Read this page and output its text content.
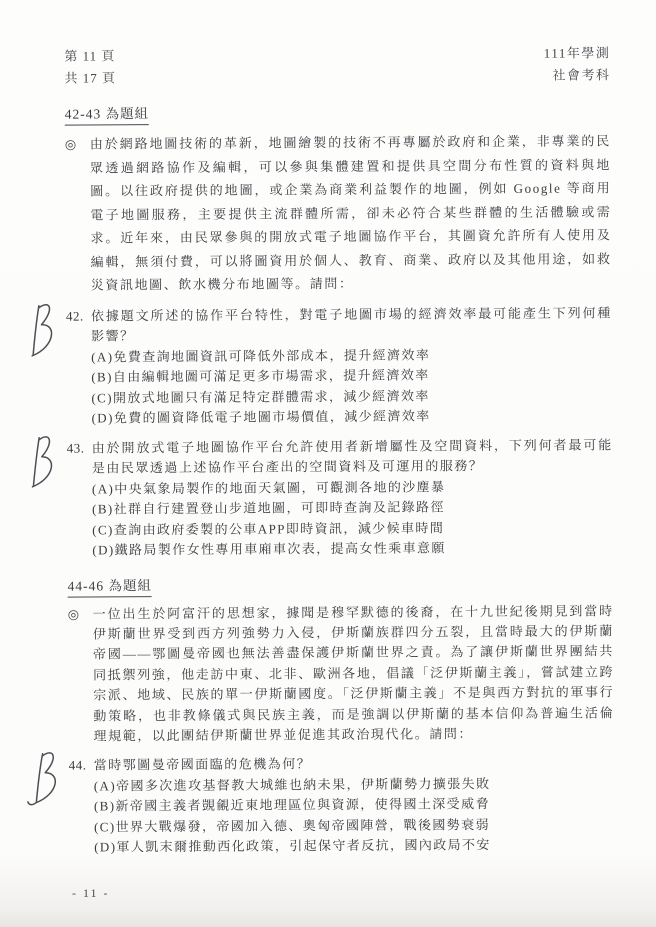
第 11 頁
共 17 頁
111年學測
社會考科
42-43 為題組
◎	由於網路地圖技術的革新，地圖繪製的技術不再專屬於政府和企業，非專業的民眾透過網路協作及編輯，可以參與集體建置和提供具空間分布性質的資料與地圖。以往政府提供的地圖，或企業為商業利益製作的地圖，例如 Google 等商用電子地圖服務，主要提供主流群體所需，卻未必符合某些群體的生活體驗或需求。近年來，由民眾參與的開放式電子地圖協作平台，其圖資允許所有人使用及編輯，無須付費，可以將圖資用於個人、教育、商業、政府以及其他用途，如救災資訊地圖、飲水機分布地圖等。請問：
42. 依據題文所述的協作平台特性，對電子地圖市場的經濟效率最可能產生下列何種影響？
(A)免費查詢地圖資訊可降低外部成本，提升經濟效率
(B)自由編輯地圖可滿足更多市場需求，提升經濟效率
(C)開放式地圖只有滿足特定群體需求，減少經濟效率
(D)免費的圖資降低電子地圖市場價值，減少經濟效率
43. 由於開放式電子地圖協作平台允許使用者新增屬性及空間資料，下列何者最可能是由民眾透過上述協作平台產出的空間資料及可運用的服務？
(A)中央氣象局製作的地面天氣圖，可觀測各地的沙塵暴
(B)社群自行建置登山步道地圖，可即時查詢及記錄路徑
(C)查詢由政府委製的公車APP即時資訊，減少候車時間
(D)鐵路局製作女性專用車廂車次表，提高女性乘車意願
44-46 為題組
◎	一位出生於阿富汗的思想家，據聞是穆罕默德的後裔，在十九世紀後期見到當時伊斯蘭世界受到西方列強勢力入侵，伊斯蘭族群四分五裂，且當時最大的伊斯蘭帝國——鄂圖曼帝國也無法善盡保護伊斯蘭世界之責。為了讓伊斯蘭世界團結共同抵禦列強，他走訪中東、北非、歐洲各地，倡議「泛伊斯蘭主義」，嘗試建立跨宗派、地域、民族的單一伊斯蘭國度。「泛伊斯蘭主義」不是與西方對抗的軍事行動策略，也非教條儀式與民族主義，而是強調以伊斯蘭的基本信仰為普遍生活倫理規範，以此團結伊斯蘭世界並促進其政治現代化。請問：
44. 當時鄂圖曼帝國面臨的危機為何？
(A)帝國多次進攻基督教大城維也納未果，伊斯蘭勢力擴張失敗
(B)新帝國主義者覬覦近東地理區位與資源，使得國土深受威脅
(C)世界大戰爆發，帝國加入德、奧匈帝國陣營，戰後國勢衰弱
(D)軍人凱末爾推動西化政策，引起保守者反抗，國內政局不安
- 11 -
